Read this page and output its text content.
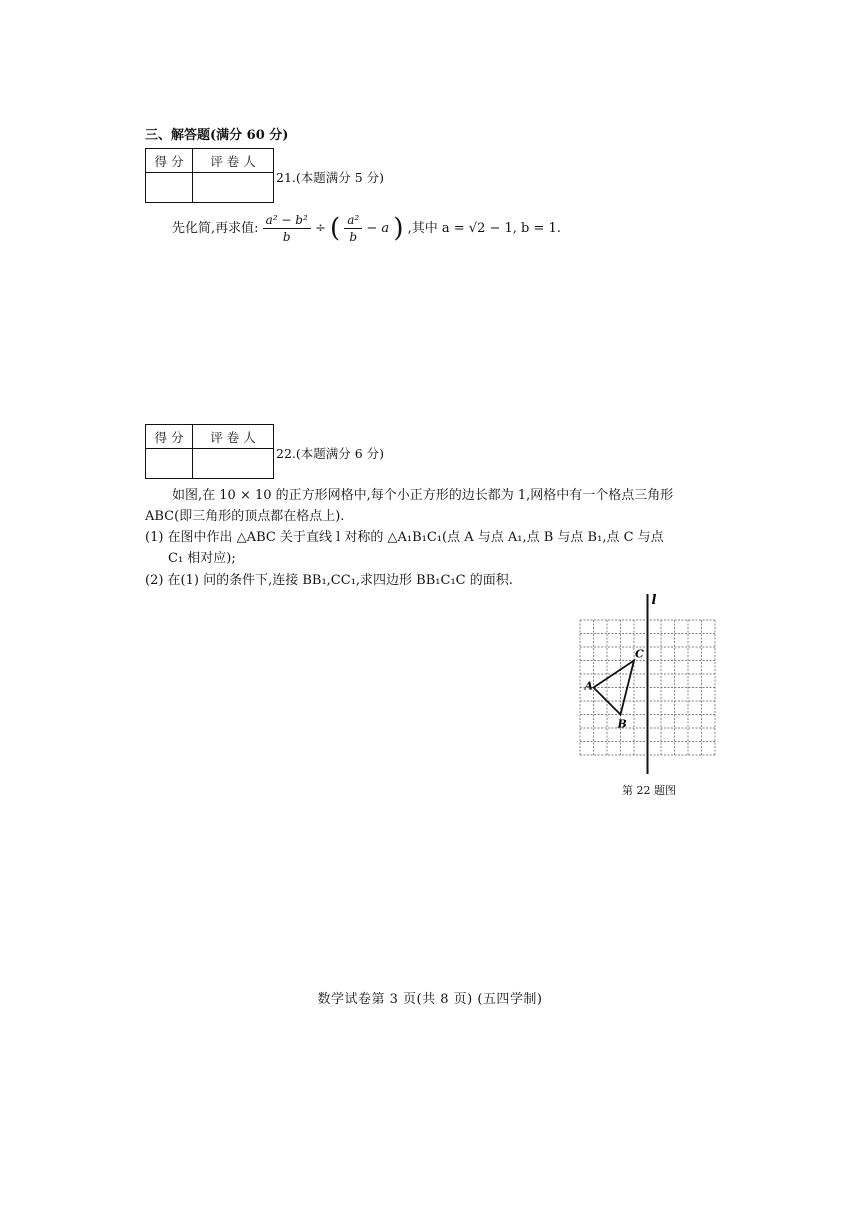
三、解答题(满分 60 分)
得 分	评 卷 人

21.(本题满分 5 分)
先化简,再求值: $\frac{\text{a² − b²}}{b}$ ÷ ( $\frac{\text{a²}}{b} - a$ ) ,其中 a = √2 − 1, b = 1.
得 分	评 卷 人

22.(本题满分 6 分)
如图,在 10 × 10 的正方形网格中,每个小正方形的边长都为 1,网格中有一个格点三角形
ABC(即三角形的顶点都在格点上).
(1) 在图中作出 △ABC 关于直线 l 对称的 △A₁B₁C₁(点 A 与点 A₁,点 B 与点 B₁,点 C 与点
C₁ 相对应);
(2) 在(1) 问的条件下,连接 BB₁,CC₁,求四边形 BB₁C₁C 的面积.
l
A
B
C
第 22 题图
数学试卷第 3 页(共 8 页) (五四学制)
